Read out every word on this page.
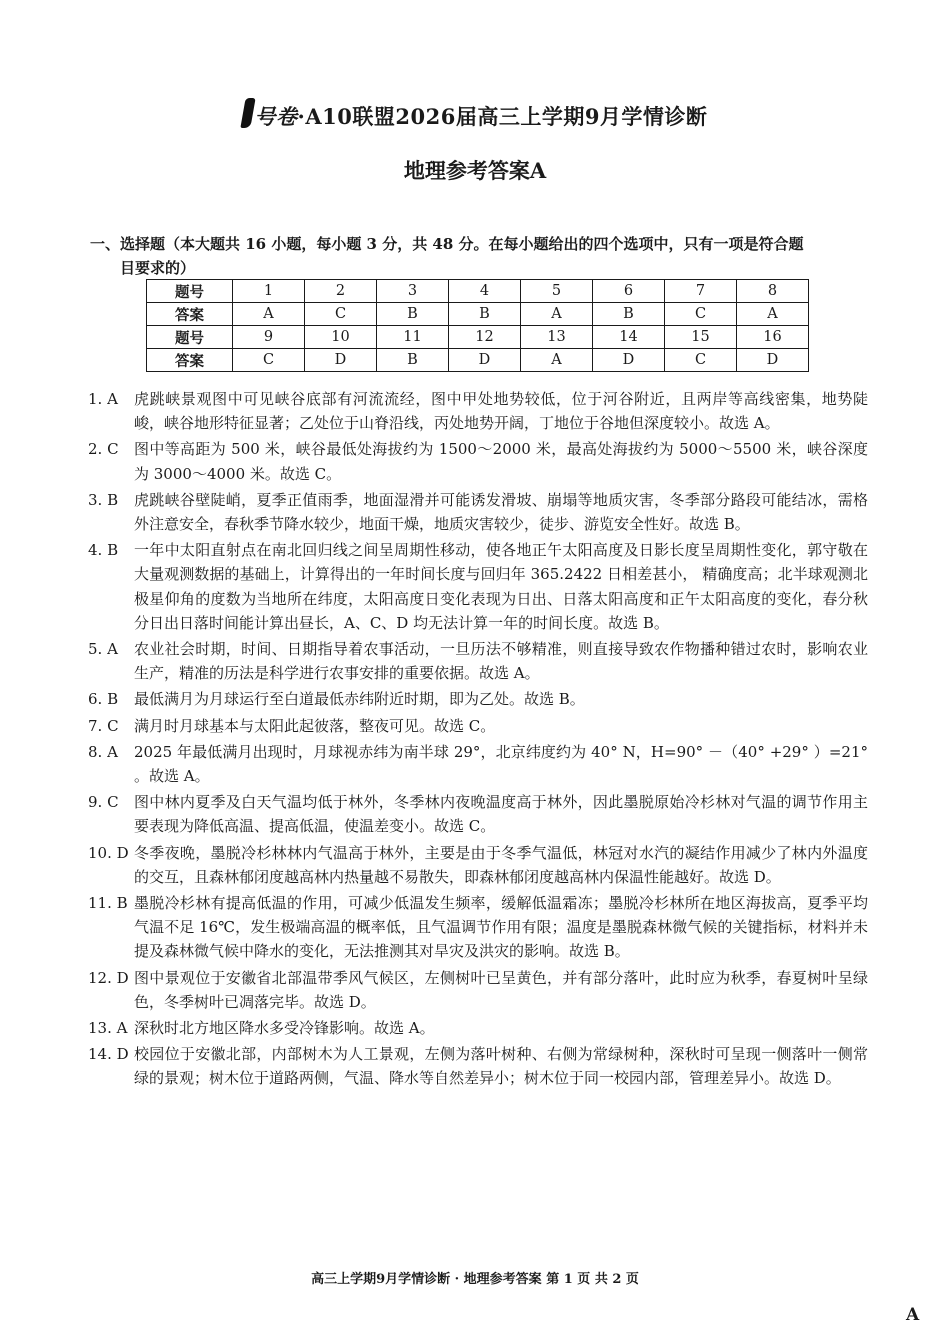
号卷·A10联盟2026届高三上学期9月学情诊断
地理参考答案A
一、选择题（本大题共 16 小题，每小题 3 分，共 48 分。在每小题给出的四个选项中，只有一项是符合题
目要求的）
题号	1	2	3	4	5	6	7	8
答案	A	C	B	B	A	B	C	A
题号	9	10	11	12	13	14	15	16
答案	C	D	B	D	A	D	C	D
1. A	虎跳峡景观图中可见峡谷底部有河流流经，图中甲处地势较低，位于河谷附近，且两岸等高线密集，地势陡峻，峡谷地形特征显著；乙处位于山脊沿线，丙处地势开阔，丁地位于谷地但深度较小。故选 A。
2. C	图中等高距为 500 米，峡谷最低处海拔约为 1500～2000 米，最高处海拔约为 5000～5500 米，峡谷深度为 3000～4000 米。故选 C。
3. B	虎跳峡谷壁陡峭，夏季正值雨季，地面湿滑并可能诱发滑坡、崩塌等地质灾害，冬季部分路段可能结冰，需格外注意安全，春秋季节降水较少，地面干燥，地质灾害较少，徒步、游览安全性好。故选 B。
4. B	一年中太阳直射点在南北回归线之间呈周期性移动，使各地正午太阳高度及日影长度呈周期性变化，郭守敬在大量观测数据的基础上，计算得出的一年时间长度与回归年 365.2422 日相差甚小， 精确度高；北半球观测北极星仰角的度数为当地所在纬度，太阳高度日变化表现为日出、日落太阳高度和正午太阳高度的变化，春分秋分日出日落时间能计算出昼长，A、C、D 均无法计算一年的时间长度。故选 B。
5. A	农业社会时期，时间、日期指导着农事活动，一旦历法不够精准，则直接导致农作物播种错过农时，影响农业生产，精准的历法是科学进行农事安排的重要依据。故选 A。
6. B	最低满月为月球运行至白道最低赤纬附近时期，即为乙处。故选 B。
7. C	满月时月球基本与太阳此起彼落，整夜可见。故选 C。
8. A	2025 年最低满月出现时，月球视赤纬为南半球 29°，北京纬度约为 40° N，H=90° －（40° +29° ）=21° 。故选 A。
9. C	图中林内夏季及白天气温均低于林外，冬季林内夜晚温度高于林外，因此墨脱原始冷杉林对气温的调节作用主要表现为降低高温、提高低温，使温差变小。故选 C。
10. D 冬季夜晚，墨脱冷杉林林内气温高于林外，主要是由于冬季气温低，林冠对水汽的凝结作用减少了林内外温度的交互，且森林郁闭度越高林内热量越不易散失，即森林郁闭度越高林内保温性能越好。故选 D。
11. B 墨脱冷杉林有提高低温的作用，可减少低温发生频率，缓解低温霜冻；墨脱冷杉林所在地区海拔高，夏季平均气温不足 16℃，发生极端高温的概率低，且气温调节作用有限；温度是墨脱森林微气候的关键指标，材料并未提及森林微气候中降水的变化，无法推测其对旱灾及洪灾的影响。故选 B。
12. D 图中景观位于安徽省北部温带季风气候区，左侧树叶已呈黄色，并有部分落叶，此时应为秋季，春夏树叶呈绿色，冬季树叶已凋落完毕。故选 D。
13. A 深秋时北方地区降水多受冷锋影响。故选 A。
14. D 校园位于安徽北部，内部树木为人工景观，左侧为落叶树种、右侧为常绿树种，深秋时可呈现一侧落叶一侧常绿的景观；树木位于道路两侧，气温、降水等自然差异小；树木位于同一校园内部，管理差异小。故选 D。
高三上学期9月学情诊断 · 地理参考答案 第 1 页 共 2 页
A
